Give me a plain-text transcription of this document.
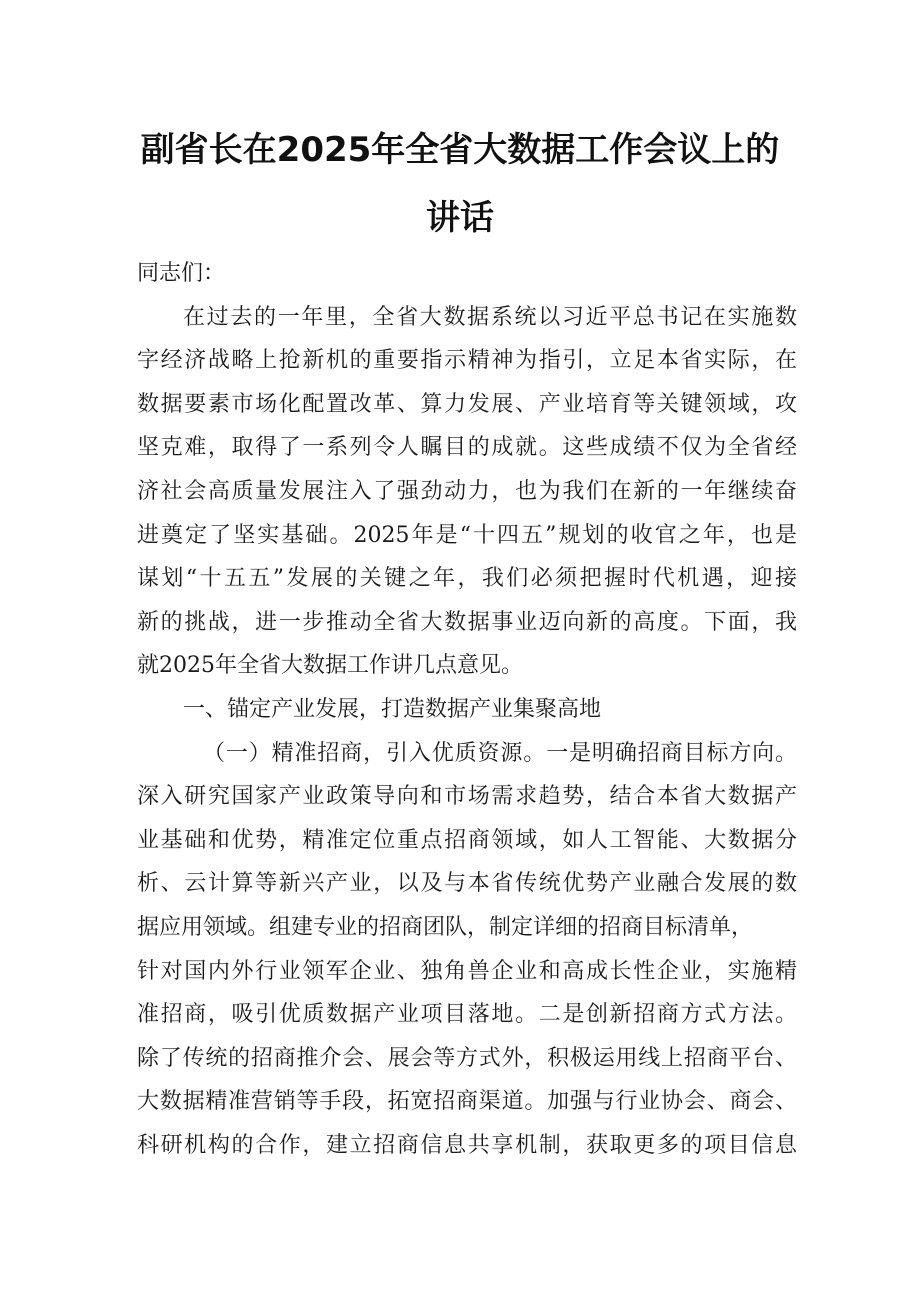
副省长在2025年全省大数据工作会议上的
讲话
同志们：
在过去的一年里，全省大数据系统以习近平总书记在实施数
字经济战略上抢新机的重要指示精神为指引，立足本省实际，在
数据要素市场化配置改革、算力发展、产业培育等关键领域，攻
坚克难，取得了一系列令人瞩目的成就。这些成绩不仅为全省经
济社会高质量发展注入了强劲动力，也为我们在新的一年继续奋
进奠定了坚实基础。2025年是“十四五”规划的收官之年，也是
谋划“十五五”发展的关键之年，我们必须把握时代机遇，迎接
新的挑战，进一步推动全省大数据事业迈向新的高度。下面，我
就2025年全省大数据工作讲几点意见。
一、锚定产业发展，打造数据产业集聚高地
（一）精准招商，引入优质资源。一是明确招商目标方向。
深入研究国家产业政策导向和市场需求趋势，结合本省大数据产
业基础和优势，精准定位重点招商领域，如人工智能、大数据分
析、云计算等新兴产业，以及与本省传统优势产业融合发展的数
据应用领域。组建专业的招商团队，制定详细的招商目标清单，
针对国内外行业领军企业、独角兽企业和高成长性企业，实施精
准招商，吸引优质数据产业项目落地。二是创新招商方式方法。
除了传统的招商推介会、展会等方式外，积极运用线上招商平台、
大数据精准营销等手段，拓宽招商渠道。加强与行业协会、商会、
科研机构的合作，建立招商信息共享机制，获取更多的项目信息
